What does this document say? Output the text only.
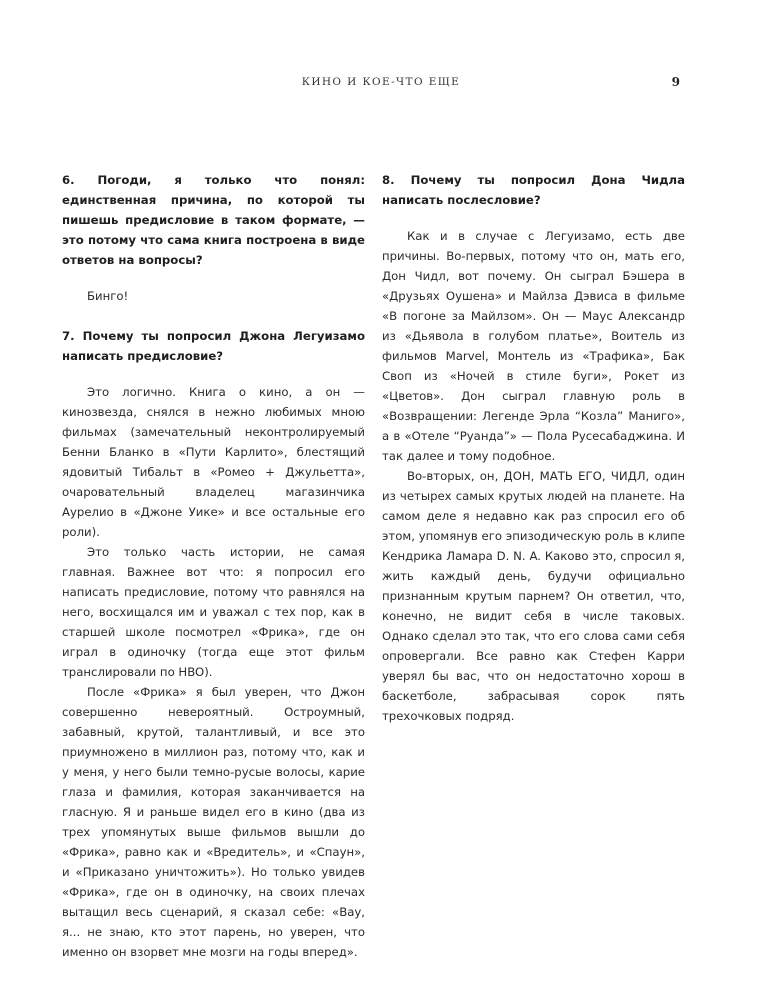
КИНО И КОЕ-ЧТО ЕЩЕ	9

6. Погоди, я только что понял: единственная причина, по которой ты пишешь предисловие в таком формате, — это потому что сама книга построена в виде ответов на вопросы?

Бинго!

7. Почему ты попросил Джона Легуизамо написать предисловие?

Это логично. Книга о кино, а он — кинозвезда, снялся в нежно любимых мною фильмах (замечательный неконтролируемый Бенни Бланко в «Пути Карлито», блестящий ядовитый Тибальт в «Ромео + Джульетта», очаровательный владелец магазинчика Аурелио в «Джоне Уике» и все остальные его роли).

Это только часть истории, не самая главная. Важнее вот что: я попросил его написать предисловие, потому что равнялся на него, восхищался им и уважал с тех пор, как в старшей школе посмотрел «Фрика», где он играл в одиночку (тогда еще этот фильм транслировали по HBO).

После «Фрика» я был уверен, что Джон совершенно невероятный. Остроумный, забавный, крутой, талантливый, и все это приумножено в миллион раз, потому что, как и у меня, у него были темно-русые волосы, карие глаза и фамилия, которая заканчивается на гласную. Я и раньше видел его в кино (два из трех упомянутых выше фильмов вышли до «Фрика», равно как и «Вредитель», и «Спаун», и «Приказано уничтожить»). Но только увидев «Фрика», где он в одиночку, на своих плечах вытащил весь сценарий, я сказал себе: «Вау, я... не знаю, кто этот парень, но уверен, что именно он взорвет мне мозги на годы вперед».

8. Почему ты попросил Дона Чидла написать послесловие?

Как и в случае с Легуизамо, есть две причины. Во-первых, потому что он, мать его, Дон Чидл, вот почему. Он сыграл Бэшера в «Друзьях Оушена» и Майлза Дэвиса в фильме «В погоне за Майлзом». Он — Маус Александр из «Дьявола в голубом платье», Воитель из фильмов Marvel, Монтель из «Трафика», Бак Своп из «Ночей в стиле буги», Рокет из «Цветов». Дон сыграл главную роль в «Возвращении: Легенде Эрла “Козла” Маниго», а в «Отеле “Руанда”» — Пола Русесабаджина. И так далее и тому подобное.

Во-вторых, он, ДОН, МАТЬ ЕГО, ЧИДЛ, один из четырех самых крутых людей на планете. На самом деле я недавно как раз спросил его об этом, упомянув его эпизодическую роль в клипе Кендрика Ламара D. N. A. Каково это, спросил я, жить каждый день, будучи официально признанным крутым парнем? Он ответил, что, конечно, не видит себя в числе таковых. Однако сделал это так, что его слова сами себя опровергали. Все равно как Стефен Карри уверял бы вас, что он недостаточно хорош в баскетболе, забрасывая сорок пять трехочковых подряд.
